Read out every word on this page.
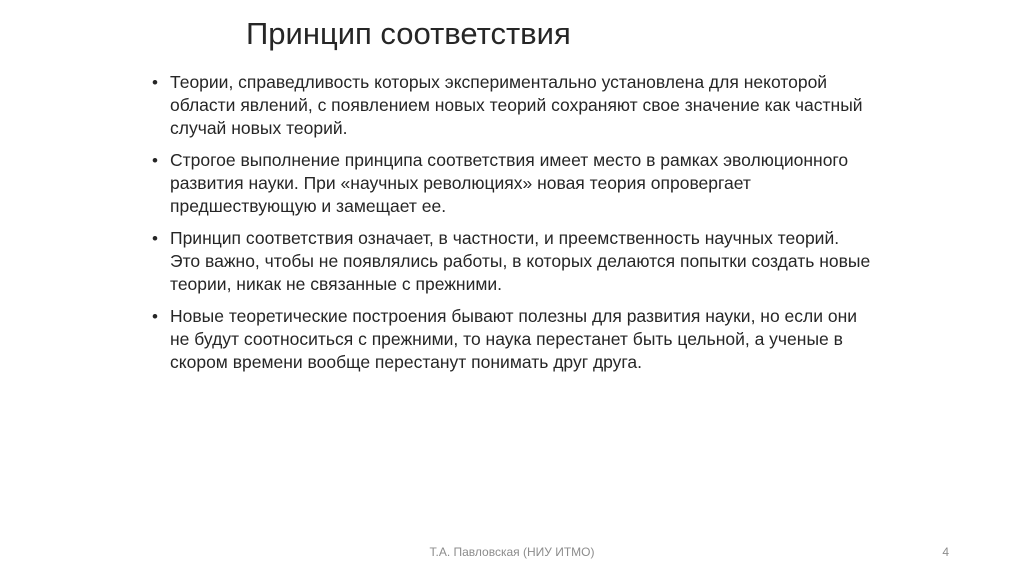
Принцип соответствия
• Теории, справедливость которых экспериментально установлена для некоторой области явлений, с появлением новых теорий сохраняют свое значение как частный случай новых теорий.
• Строгое выполнение принципа соответствия имеет место в рамках эволюционного развития науки. При «научных революциях» новая теория опровергает предшествующую и замещает ее.
• Принцип соответствия означает, в частности, и преемственность научных теорий. Это важно, чтобы не появлялись работы, в которых делаются попытки создать новые теории, никак не связанные с прежними.
• Новые теоретические построения бывают полезны для развития науки, но если они не будут соотноситься с прежними, то наука перестанет быть цельной, а ученые в скором времени вообще перестанут понимать друг друга.
Т.А. Павловская (НИУ ИТМО)	4
